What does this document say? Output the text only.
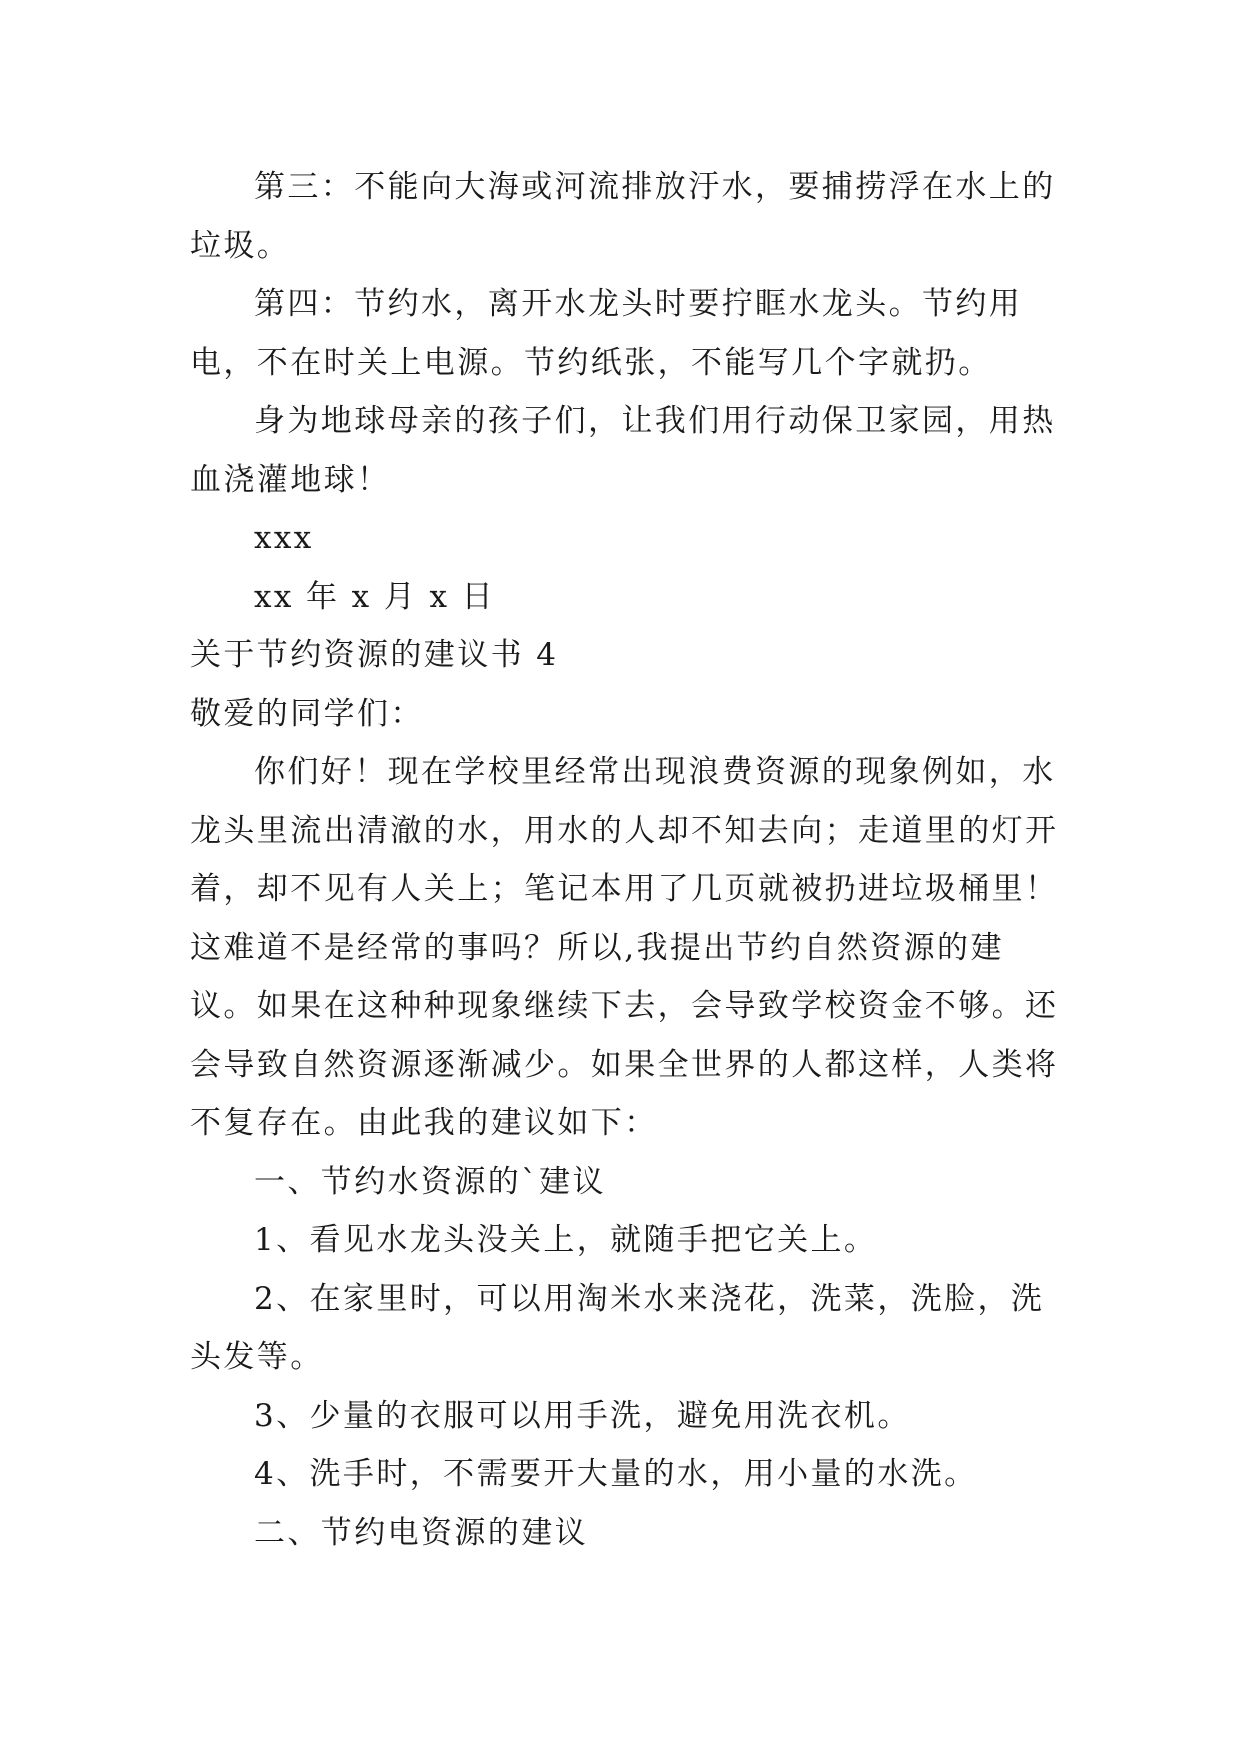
第三：不能向大海或河流排放汙水，要捕捞浮在水上的垃圾。

第四：节约水，离开水龙头时要拧眶水龙头。节约用电，不在时关上电源。节约纸张，不能写几个字就扔。

身为地球母亲的孩子们，让我们用行动保卫家园，用热血浇灌地球！

xxx

xx 年 x 月 x 日

关于节约资源的建议书 4

敬爱的同学们：

你们好！现在学校里经常出现浪费资源的现象例如，水龙头里流出清澈的水，用水的人却不知去向；走道里的灯开着，却不见有人关上；笔记本用了几页就被扔进垃圾桶里！这难道不是经常的事吗？所以,我提出节约自然资源的建议。如果在这种种现象继续下去，会导致学校资金不够。还会导致自然资源逐渐减少。如果全世界的人都这样，人类将不复存在。由此我的建议如下：

一、节约水资源的`建议

1、看见水龙头没关上，就随手把它关上。

2、在家里时，可以用淘米水来浇花，洗菜，洗脸，洗头发等。

3、少量的衣服可以用手洗，避免用洗衣机。

4、洗手时，不需要开大量的水，用小量的水洗。

二、节约电资源的建议
